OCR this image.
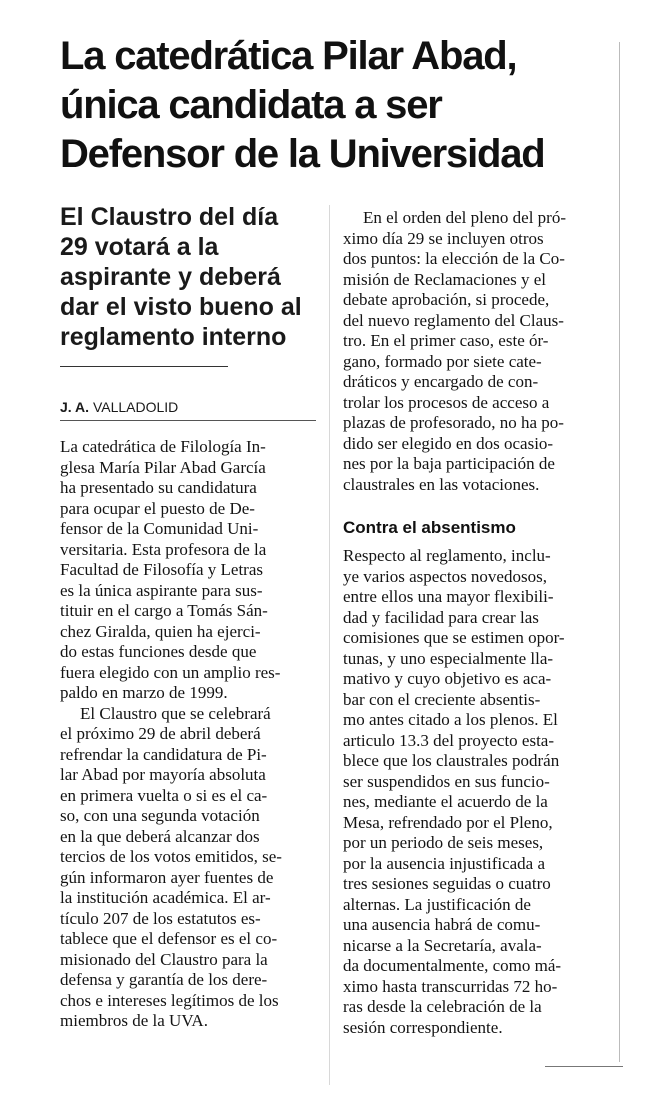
La catedrática Pilar Abad,
única candidata a ser
Defensor de la Universidad
El Claustro del día
29 votará a la
aspirante y deberá
dar el visto bueno al
reglamento interno
J. A. VALLADOLID
La catedrática de Filología In-
glesa María Pilar Abad García
ha presentado su candidatura
para ocupar el puesto de De-
fensor de la Comunidad Uni-
versitaria. Esta profesora de la
Facultad de Filosofía y Letras
es la única aspirante para sus-
tituir en el cargo a Tomás Sán-
chez Giralda, quien ha ejerci-
do estas funciones desde que
fuera elegido con un amplio res-
paldo en marzo de 1999.
El Claustro que se celebrará
el próximo 29 de abril deberá
refrendar la candidatura de Pi-
lar Abad por mayoría absoluta
en primera vuelta o si es el ca-
so, con una segunda votación
en la que deberá alcanzar dos
tercios de los votos emitidos, se-
gún informaron ayer fuentes de
la institución académica. El ar-
tículo 207 de los estatutos es-
tablece que el defensor es el co-
misionado del Claustro para la
defensa y garantía de los dere-
chos e intereses legítimos de los
miembros de la UVA.
En el orden del pleno del pró-
ximo día 29 se incluyen otros
dos puntos: la elección de la Co-
misión de Reclamaciones y el
debate aprobación, si procede,
del nuevo reglamento del Claus-
tro. En el primer caso, este ór-
gano, formado por siete cate-
dráticos y encargado de con-
trolar los procesos de acceso a
plazas de profesorado, no ha po-
dido ser elegido en dos ocasio-
nes por la baja participación de
claustrales en las votaciones.
Contra el absentismo
Respecto al reglamento, inclu-
ye varios aspectos novedosos,
entre ellos una mayor flexibili-
dad y facilidad para crear las
comisiones que se estimen opor-
tunas, y uno especialmente lla-
mativo y cuyo objetivo es aca-
bar con el creciente absentis-
mo antes citado a los plenos. El
articulo 13.3 del proyecto esta-
blece que los claustrales podrán
ser suspendidos en sus funcio-
nes, mediante el acuerdo de la
Mesa, refrendado por el Pleno,
por un periodo de seis meses,
por la ausencia injustificada a
tres sesiones seguidas o cuatro
alternas. La justificación de
una ausencia habrá de comu-
nicarse a la Secretaría, avala-
da documentalmente, como má-
ximo hasta transcurridas 72 ho-
ras desde la celebración de la
sesión correspondiente.
